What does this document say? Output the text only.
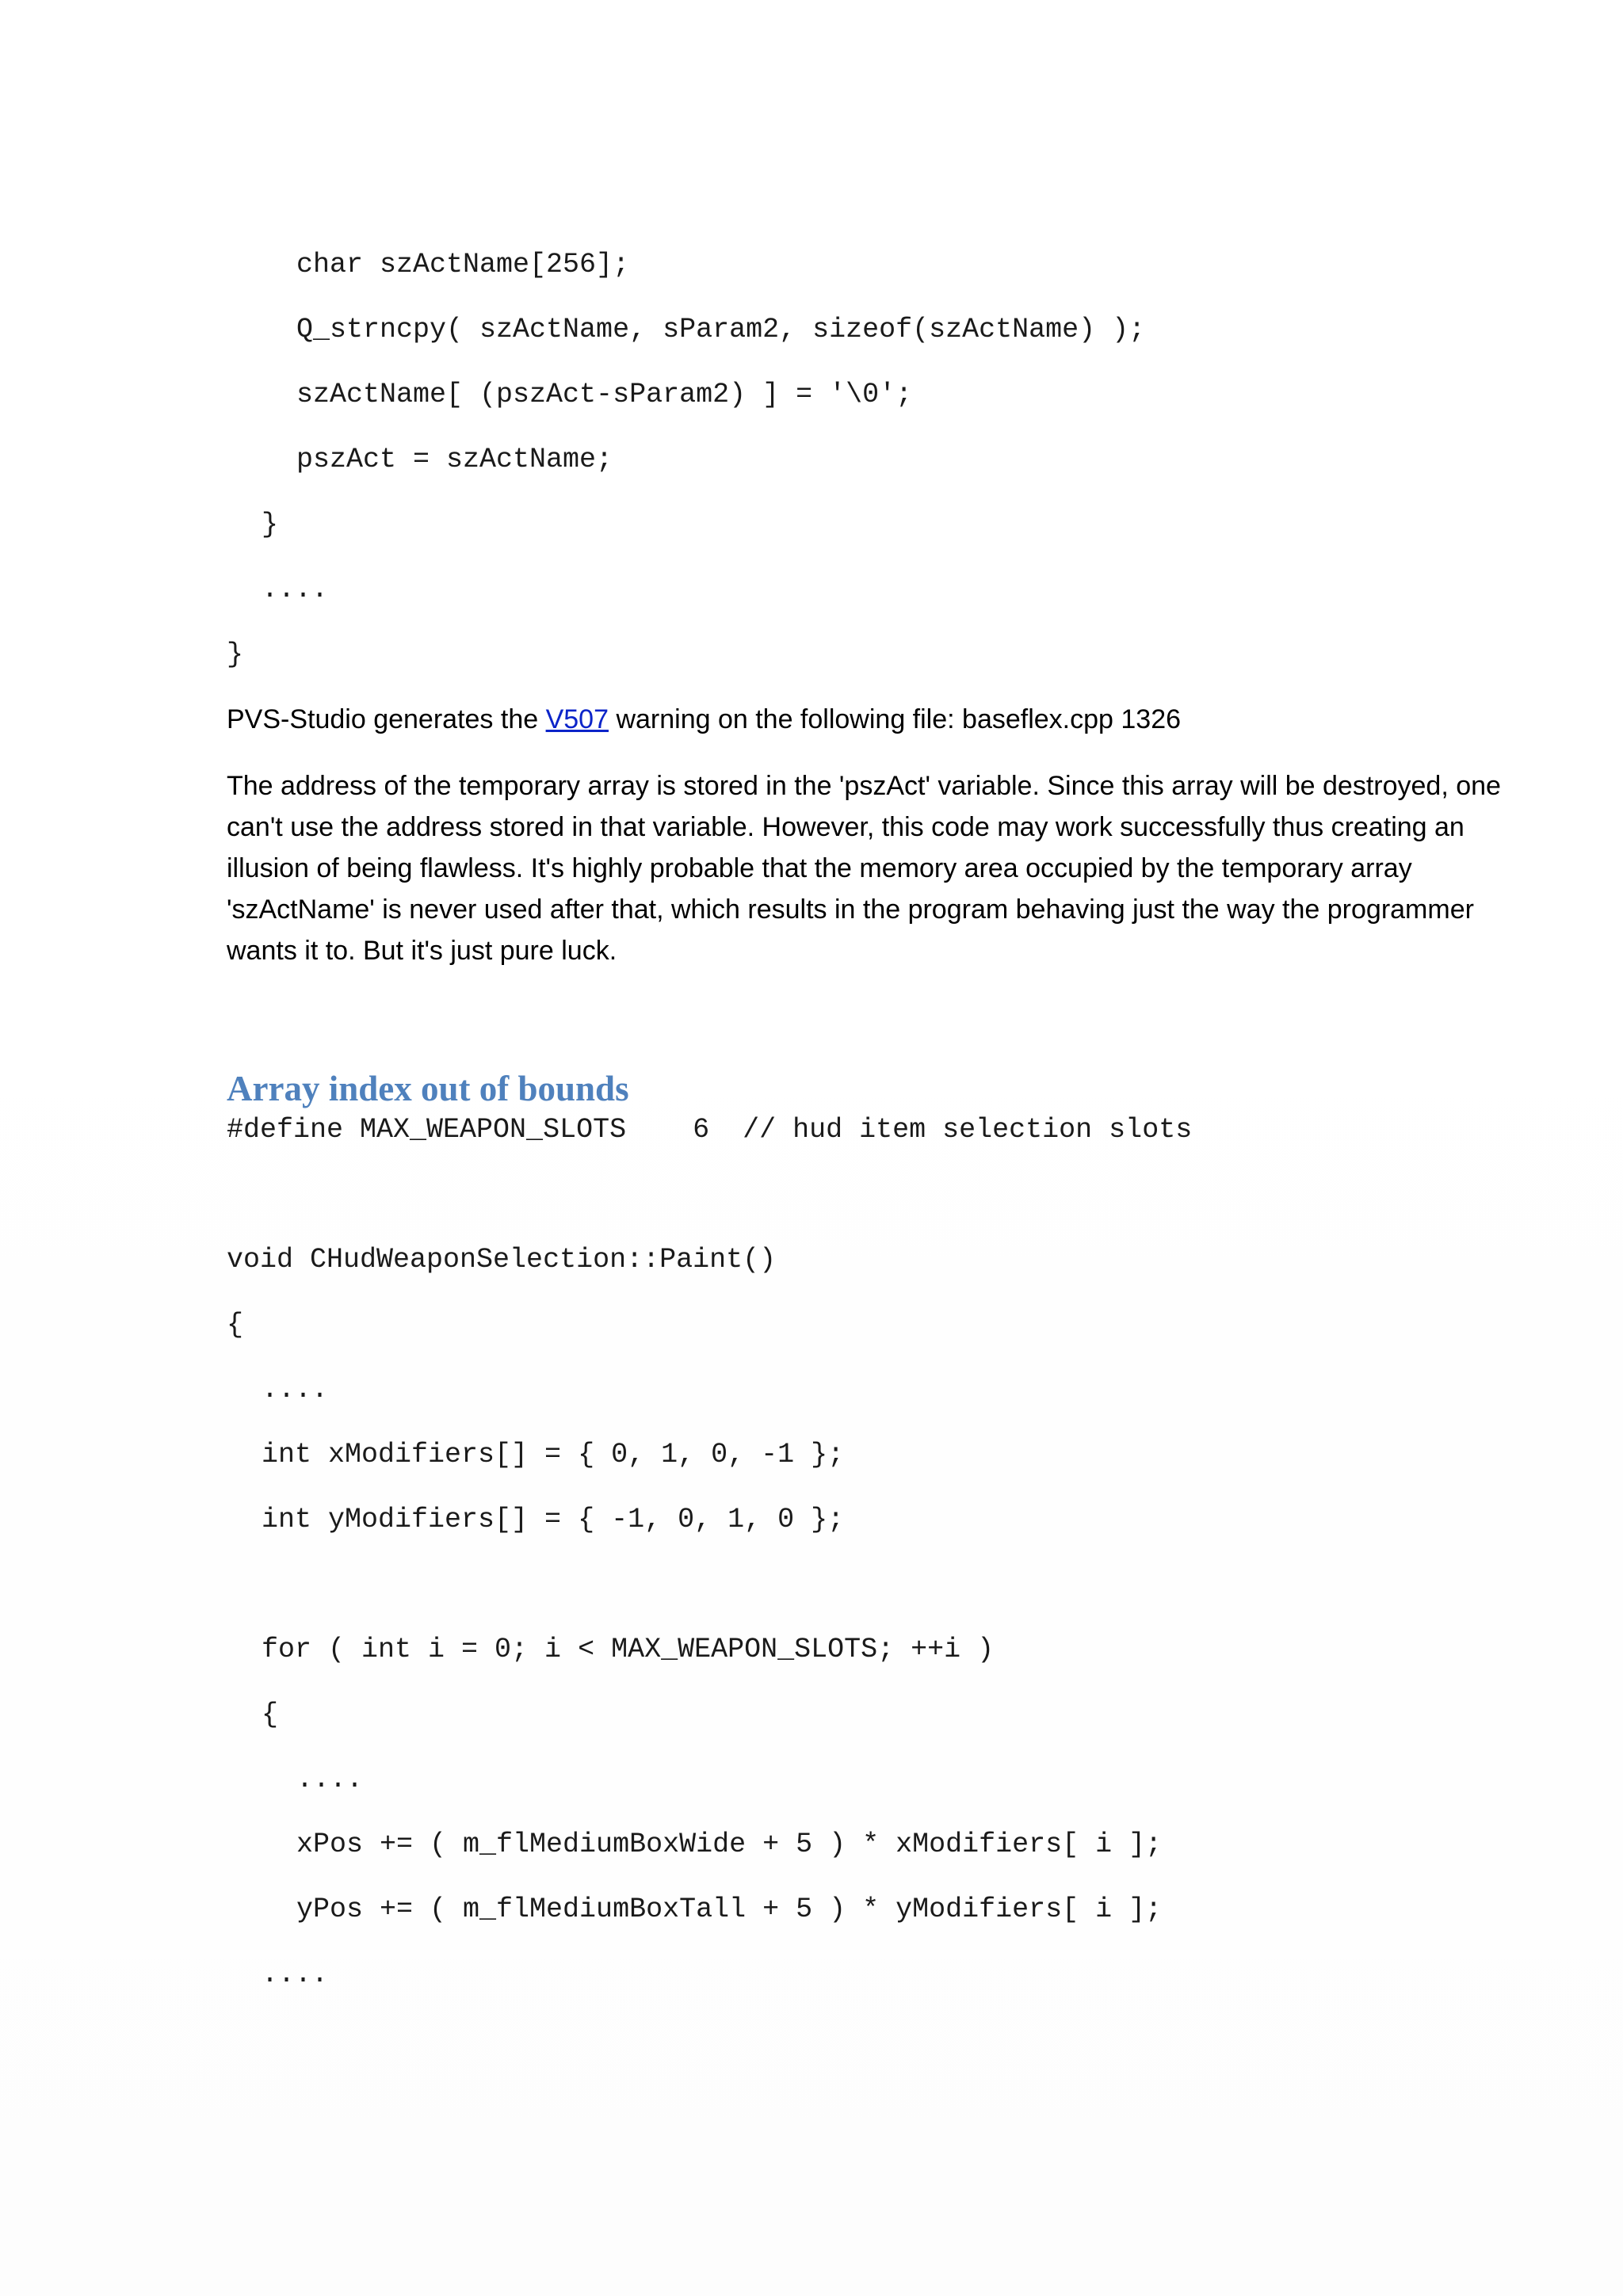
char szActName[256];
Q_strncpy( szActName, sParam2, sizeof(szActName) );
szActName[ (pszAct-sParam2) ] = '\0';
pszAct = szActName;
}
....
}

PVS-Studio generates the V507 warning on the following file: baseflex.cpp 1326

The address of the temporary array is stored in the 'pszAct' variable. Since this array will be destroyed, one can't use the address stored in that variable. However, this code may work successfully thus creating an illusion of being flawless. It's highly probable that the memory area occupied by the temporary array 'szActName' is never used after that, which results in the program behaving just the way the programmer wants it to. But it's just pure luck.

Array index out of bounds
#define MAX_WEAPON_SLOTS    6  // hud item selection slots
void CHudWeaponSelection::Paint()
{
....
int xModifiers[] = { 0, 1, 0, -1 };
int yModifiers[] = { -1, 0, 1, 0 };
for ( int i = 0; i < MAX_WEAPON_SLOTS; ++i )
{
....
xPos += ( m_flMediumBoxWide + 5 ) * xModifiers[ i ];
yPos += ( m_flMediumBoxTall + 5 ) * yModifiers[ i ];
....
